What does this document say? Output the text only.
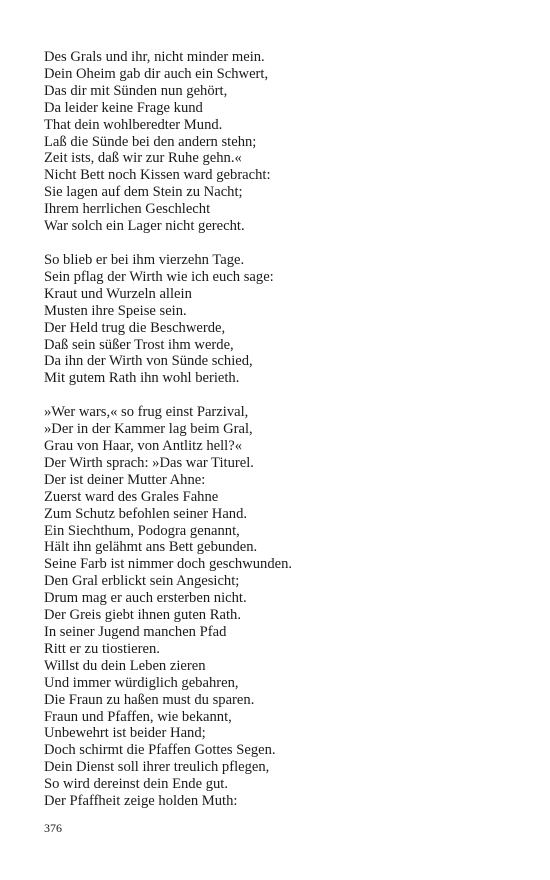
Des Grals und ihr, nicht minder mein.
Dein Oheim gab dir auch ein Schwert,
Das dir mit Sünden nun gehört,
Da leider keine Frage kund
That dein wohlberedter Mund.
Laß die Sünde bei den andern stehn;
Zeit ists, daß wir zur Ruhe gehn.«
Nicht Bett noch Kissen ward gebracht:
Sie lagen auf dem Stein zu Nacht;
Ihrem herrlichen Geschlecht
War solch ein Lager nicht gerecht.
So blieb er bei ihm vierzehn Tage.
Sein pflag der Wirth wie ich euch sage:
Kraut und Wurzeln allein
Musten ihre Speise sein.
Der Held trug die Beschwerde,
Daß sein süßer Trost ihm werde,
Da ihn der Wirth von Sünde schied,
Mit gutem Rath ihn wohl berieth.
»Wer wars,« so frug einst Parzival,
»Der in der Kammer lag beim Gral,
Grau von Haar, von Antlitz hell?«
Der Wirth sprach: »Das war Titurel.
Der ist deiner Mutter Ahne:
Zuerst ward des Grales Fahne
Zum Schutz befohlen seiner Hand.
Ein Siechthum, Podogra genannt,
Hält ihn gelähmt ans Bett gebunden.
Seine Farb ist nimmer doch geschwunden.
Den Gral erblickt sein Angesicht;
Drum mag er auch ersterben nicht.
Der Greis giebt ihnen guten Rath.
In seiner Jugend manchen Pfad
Ritt er zu tiostieren.
Willst du dein Leben zieren
Und immer würdiglich gebahren,
Die Fraun zu haßen must du sparen.
Fraun und Pfaffen, wie bekannt,
Unbewehrt ist beider Hand;
Doch schirmt die Pfaffen Gottes Segen.
Dein Dienst soll ihrer treulich pflegen,
So wird dereinst dein Ende gut.
Der Pfaffheit zeige holden Muth:
376
